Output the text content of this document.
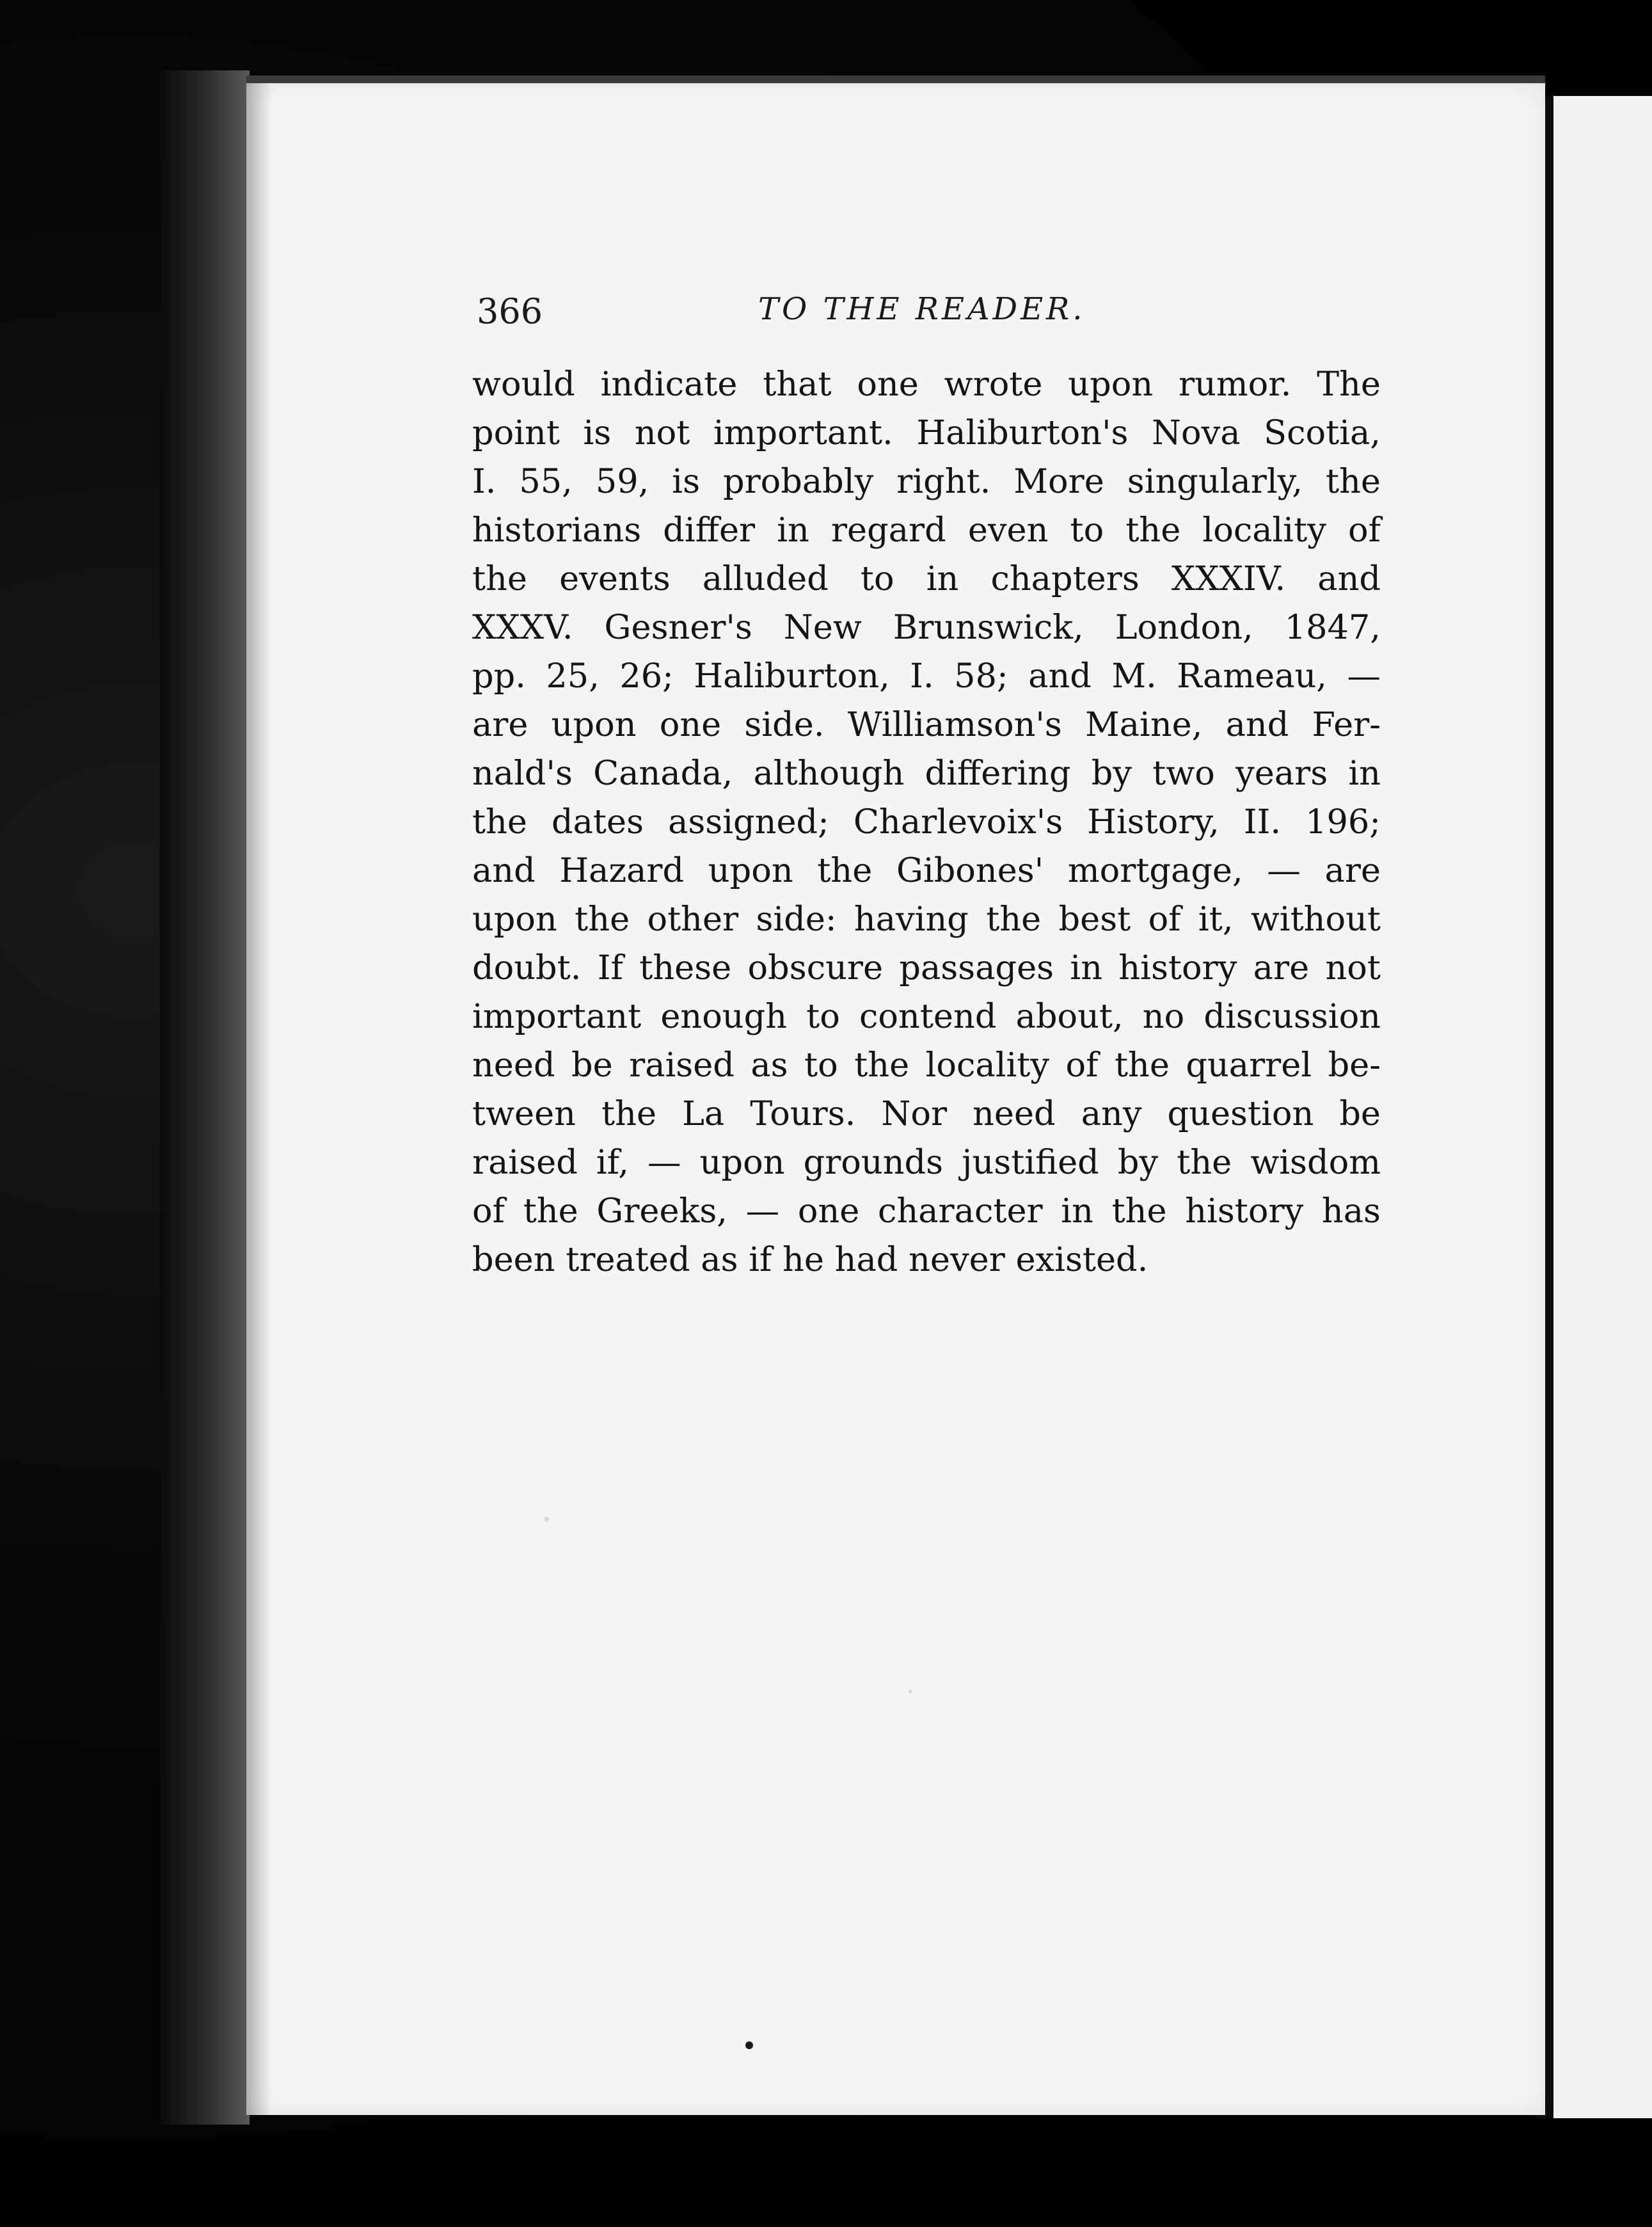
366	TO THE READER.
would indicate that one wrote upon rumor. The
point is not important. Haliburton's Nova Scotia,
I. 55, 59, is probably right. More singularly, the
historians differ in regard even to the locality of
the events alluded to in chapters XXXIV. and
XXXV. Gesner's New Brunswick, London, 1847,
pp. 25, 26; Haliburton, I. 58; and M. Rameau, —
are upon one side. Williamson's Maine, and Fer-
nald's Canada, although differing by two years in
the dates assigned; Charlevoix's History, II. 196;
and Hazard upon the Gibones' mortgage, — are
upon the other side: having the best of it, without
doubt. If these obscure passages in history are not
important enough to contend about, no discussion
need be raised as to the locality of the quarrel be-
tween the La Tours. Nor need any question be
raised if, — upon grounds justified by the wisdom
of the Greeks, — one character in the history has
been treated as if he had never existed.
